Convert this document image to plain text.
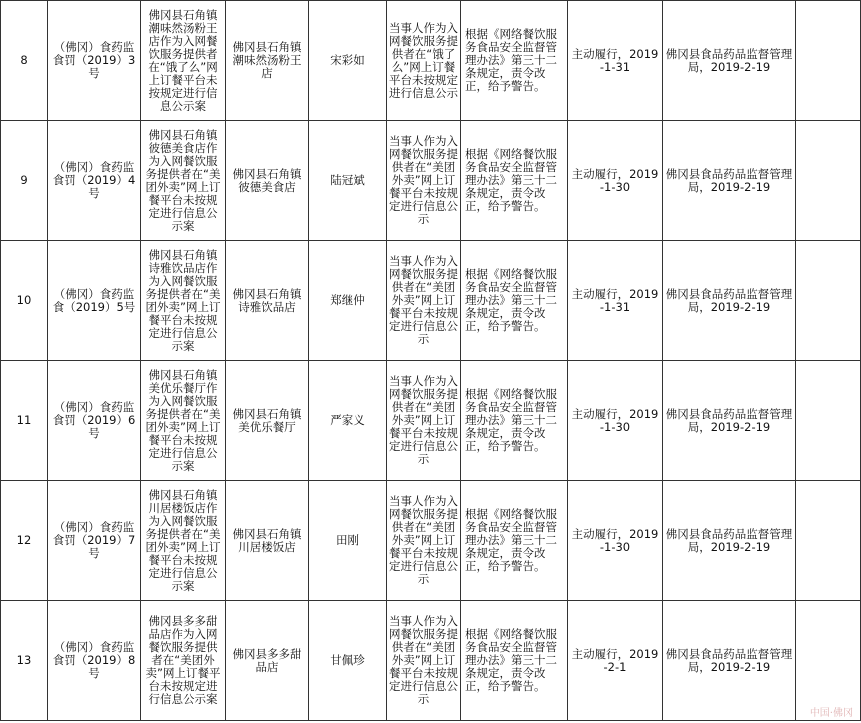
8	（佛冈）食药监食罚（2019）3号	佛冈县石角镇潮味然汤粉王店作为入网餐饮服务提供者在“饿了么”网上订餐平台未按规定进行信息公示案	佛冈县石角镇潮味然汤粉王店	宋彩如	当事人作为入网餐饮服务提供者在“饿了么”网上订餐平台未按规定进行信息公示	根据《网络餐饮服务食品安全监督管理办法》第三十二条规定，责令改正，给予警告。	主动履行，2019-1-31	佛冈县食品药品监督管理局，2019-2-19		
9	（佛冈）食药监食罚（2019）4号	佛冈县石角镇彼德美食店作为入网餐饮服务提供者在“美团外卖”网上订餐平台未按规定进行信息公示案	佛冈县石角镇彼德美食店	陆冠斌	当事人作为入网餐饮服务提供者在“美团外卖”网上订餐平台未按规定进行信息公示	根据《网络餐饮服务食品安全监督管理办法》第三十二条规定，责令改正，给予警告。	主动履行，2019-1-30	佛冈县食品药品监督管理局，2019-2-19		
10	（佛冈）食药监食（2019）5号	佛冈县石角镇诗雅饮品店作为入网餐饮服务提供者在“美团外卖”网上订餐平台未按规定进行信息公示案	佛冈县石角镇诗雅饮品店	郑继仲	当事人作为入网餐饮服务提供者在“美团外卖”网上订餐平台未按规定进行信息公示	根据《网络餐饮服务食品安全监督管理办法》第三十二条规定，责令改正，给予警告。	主动履行，2019-1-31	佛冈县食品药品监督管理局，2019-2-19		
11	（佛冈）食药监食罚（2019）6号	佛冈县石角镇美优乐餐厅作为入网餐饮服务提供者在“美团外卖”网上订餐平台未按规定进行信息公示案	佛冈县石角镇美优乐餐厅	严家义	当事人作为入网餐饮服务提供者在“美团外卖”网上订餐平台未按规定进行信息公示	根据《网络餐饮服务食品安全监督管理办法》第三十二条规定，责令改正，给予警告。	主动履行，2019-1-30	佛冈县食品药品监督管理局，2019-2-19		
12	（佛冈）食药监食罚（2019）7号	佛冈县石角镇川居楼饭店作为入网餐饮服务提供者在“美团外卖”网上订餐平台未按规定进行信息公示案	佛冈县石角镇川居楼饭店	田刚	当事人作为入网餐饮服务提供者在“美团外卖”网上订餐平台未按规定进行信息公示	根据《网络餐饮服务食品安全监督管理办法》第三十二条规定，责令改正，给予警告。	主动履行，2019-1-30	佛冈县食品药品监督管理局，2019-2-19		
13	（佛冈）食药监食罚（2019）8号	佛冈县多多甜品店作为入网餐饮服务提供者在“美团外卖”网上订餐平台未按规定进行信息公示案	佛冈县多多甜品店	甘佩珍	当事人作为入网餐饮服务提供者在“美团外卖”网上订餐平台未按规定进行信息公示	根据《网络餐饮服务食品安全监督管理办法》第三十二条规定，责令改正，给予警告。	主动履行，2019-2-1	佛冈县食品药品监督管理局，2019-2-19		
中国·佛冈
